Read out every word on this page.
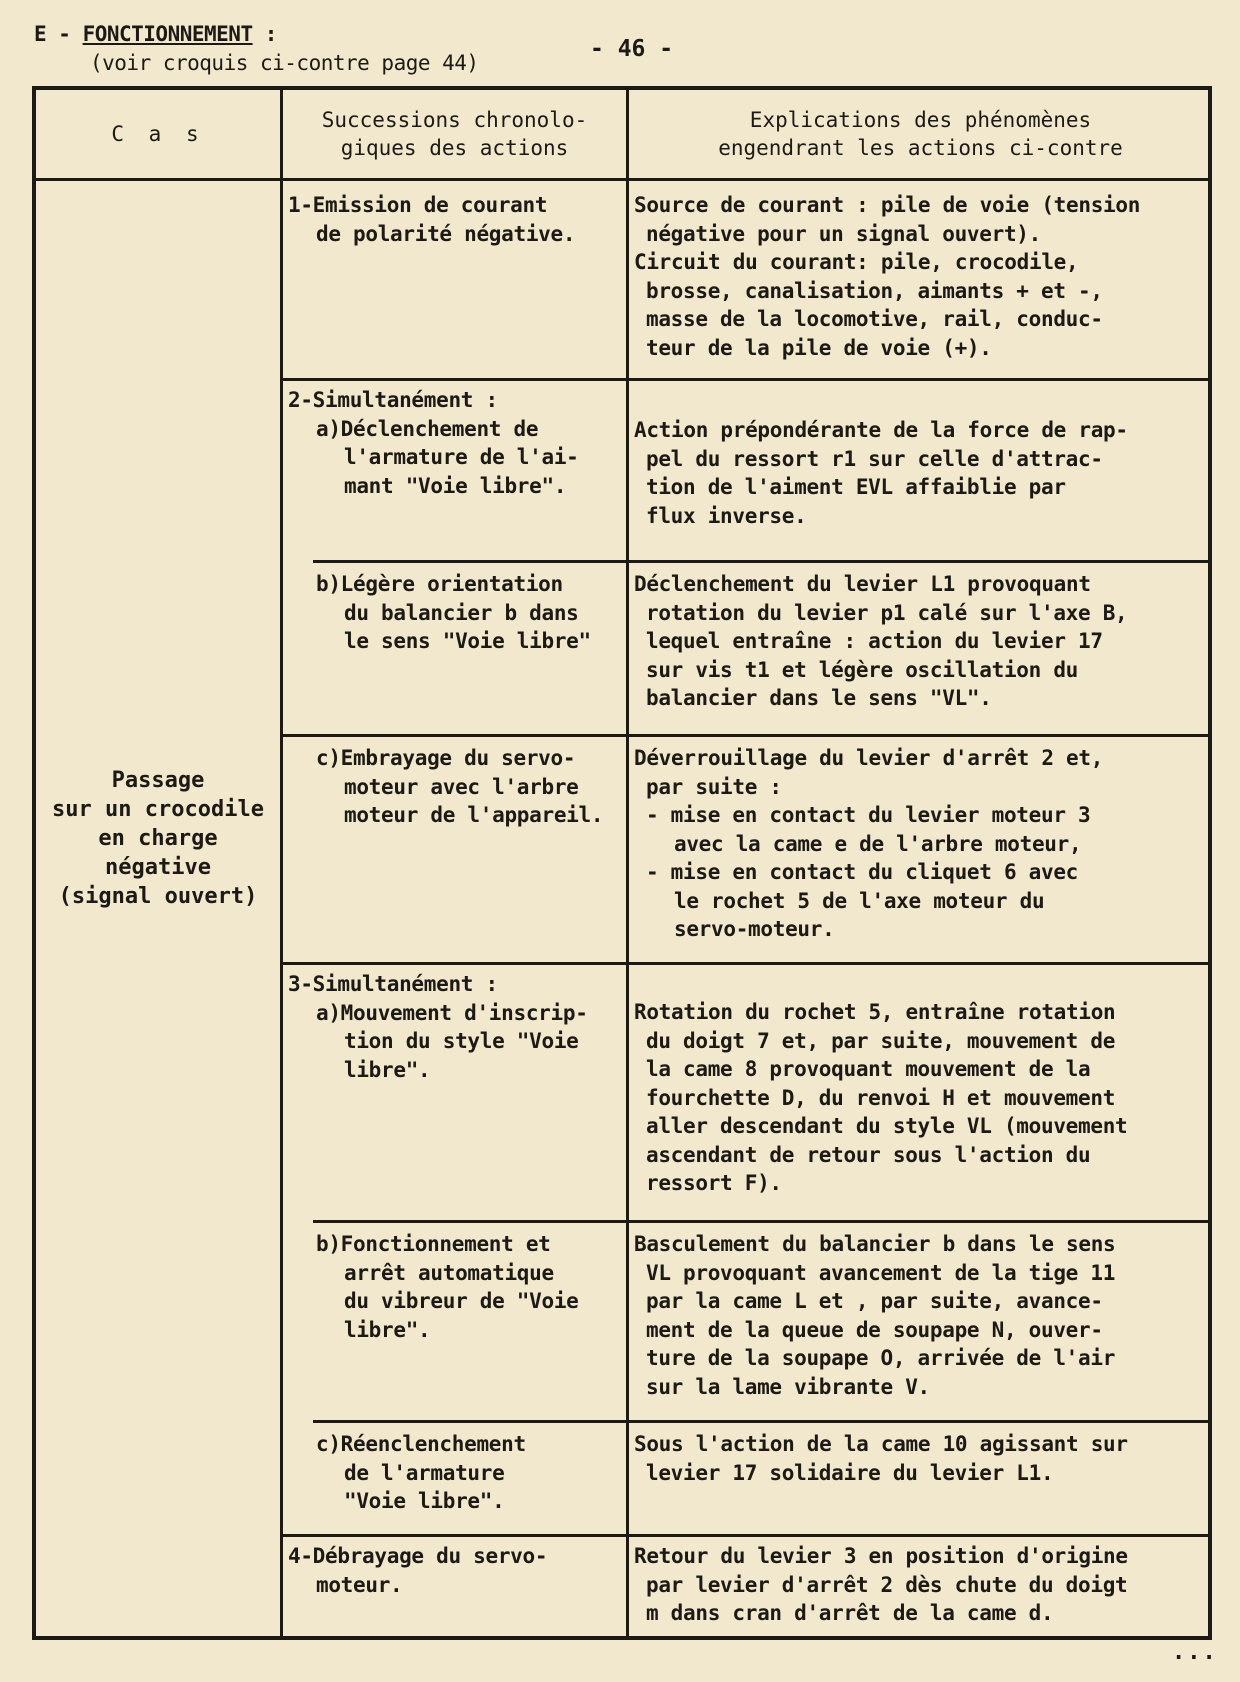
E - FONCTIONNEMENT :
(voir croquis ci-contre page 44)
- 46 -
C a s
Successions chronolo-
giques des actions
Explications des phénomènes
engendrant les actions ci-contre
Passage
sur un crocodile
en charge
négative
(signal ouvert)
1-Emission de courant
de polarité négative.
Source de courant : pile de voie (tension
négative pour un signal ouvert).
Circuit du courant: pile, crocodile,
brosse, canalisation, aimants + et -,
masse de la locomotive, rail, conduc-
teur de la pile de voie (+).
2-Simultanément :
a)Déclenchement de
l'armature de l'ai-
mant "Voie libre".
Action prépondérante de la force de rap-
pel du ressort r1 sur celle d'attrac-
tion de l'aiment EVL affaiblie par
flux inverse.
b)Légère orientation
du balancier b dans
le sens "Voie libre"
Déclenchement du levier L1 provoquant
rotation du levier p1 calé sur l'axe B,
lequel entraîne : action du levier 17
sur vis t1 et légère oscillation du
balancier dans le sens "VL".
c)Embrayage du servo-
moteur avec l'arbre
moteur de l'appareil.
Déverrouillage du levier d'arrêt 2 et,
par suite :
- mise en contact du levier moteur 3
avec la came e de l'arbre moteur,
- mise en contact du cliquet 6 avec
le rochet 5 de l'axe moteur du
servo-moteur.
3-Simultanément :
a)Mouvement d'inscrip-
tion du style "Voie
libre".
Rotation du rochet 5, entraîne rotation
du doigt 7 et, par suite, mouvement de
la came 8 provoquant mouvement de la
fourchette D, du renvoi H et mouvement
aller descendant du style VL (mouvement
ascendant de retour sous l'action du
ressort F).
b)Fonctionnement et
arrêt automatique
du vibreur de "Voie
libre".
Basculement du balancier b dans le sens
VL provoquant avancement de la tige 11
par la came L et , par suite, avance-
ment de la queue de soupape N, ouver-
ture de la soupape O, arrivée de l'air
sur la lame vibrante V.
c)Réenclenchement
de l'armature
"Voie libre".
Sous l'action de la came 10 agissant sur
levier 17 solidaire du levier L1.
4-Débrayage du servo-
moteur.
Retour du levier 3 en position d'origine
par levier d'arrêt 2 dès chute du doigt
m dans cran d'arrêt de la came d.
...
